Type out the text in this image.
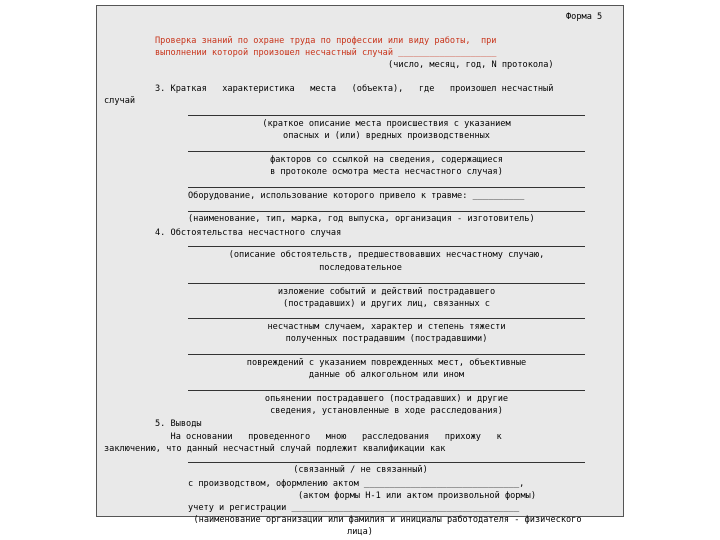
Форма 5
Проверка знаний по охране труда по профессии или виду работы,  при
выполнении которой произошел несчастный случай ___________________
(число, месяц, год, N протокола)
3. Краткая   характеристика   места   (объекта),   где   произошел несчастный
случай
(краткое описание места происшествия с указанием
опасных и (или) вредных производственных
факторов со ссылкой на сведения, содержащиеся
в протоколе осмотра места несчастного случая)
Оборудование, использование которого привело к травме: __________
(наименование, тип, марка, год выпуска, организация - изготовитель)
4. Обстоятельства несчастного случая
(описание обстоятельств, предшествовавших несчастному случаю,
последовательное
изложение событий и действий пострадавшего
(пострадавших) и других лиц, связанных с
несчастным случаем, характер и степень тяжести
полученных пострадавшим (пострадавшими)
повреждений с указанием поврежденных мест, объективные
данные об алкогольном или ином
опьянении пострадавшего (пострадавших) и другие
сведения, установленные в ходе расследования)
5. Выводы
На основании   проведенного   мною   расследования   прихожу   к
заключению, что данный несчастный случай подлежит квалификации как
(связанный / не связанный)
с производством, оформлению актом ______________________________,
(актом формы Н-1 или актом произвольной формы)
учету и регистрации ____________________________________________
(наименование организации или фамилия и инициалы работодателя - физического
лица)
